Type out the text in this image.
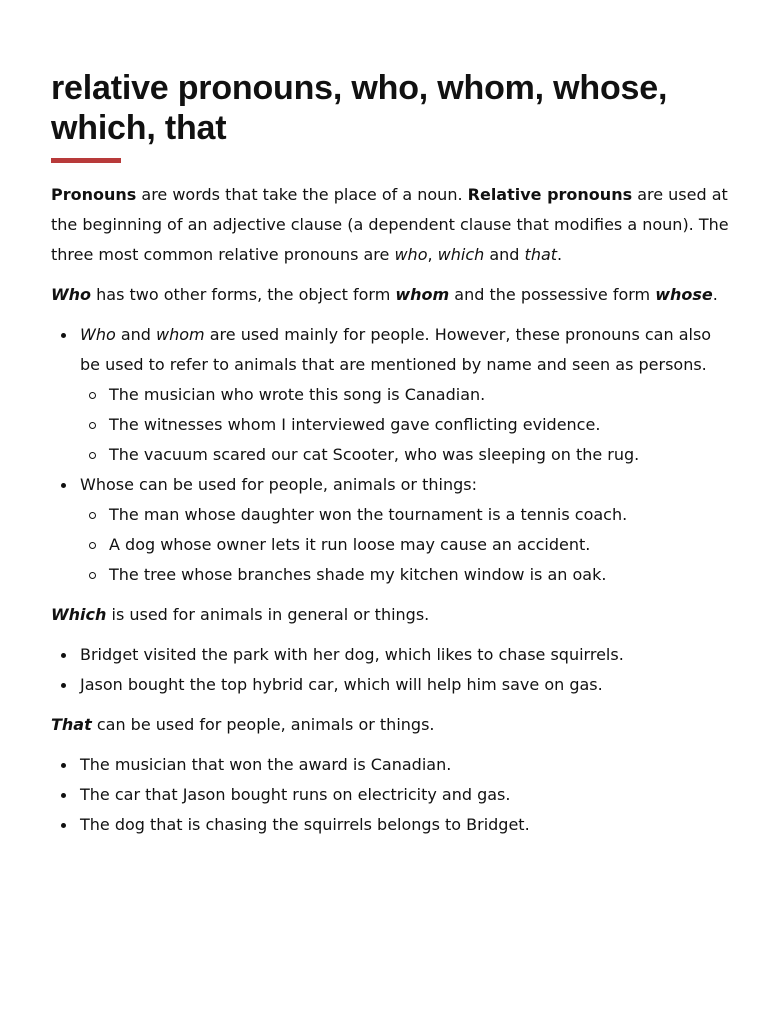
relative pronouns, who, whom, whose, which, that

Pronouns are words that take the place of a noun. Relative pronouns are used at the beginning of an adjective clause (a dependent clause that modifies a noun). The three most common relative pronouns are who, which and that.

Who has two other forms, the object form whom and the possessive form whose.

Who and whom are used mainly for people. However, these pronouns can also be used to refer to animals that are mentioned by name and seen as persons.
The musician who wrote this song is Canadian.
The witnesses whom I interviewed gave conflicting evidence.
The vacuum scared our cat Scooter, who was sleeping on the rug.
Whose can be used for people, animals or things:
The man whose daughter won the tournament is a tennis coach.
A dog whose owner lets it run loose may cause an accident.
The tree whose branches shade my kitchen window is an oak.

Which is used for animals in general or things.

Bridget visited the park with her dog, which likes to chase squirrels.
Jason bought the top hybrid car, which will help him save on gas.

That can be used for people, animals or things.

The musician that won the award is Canadian.
The car that Jason bought runs on electricity and gas.
The dog that is chasing the squirrels belongs to Bridget.
